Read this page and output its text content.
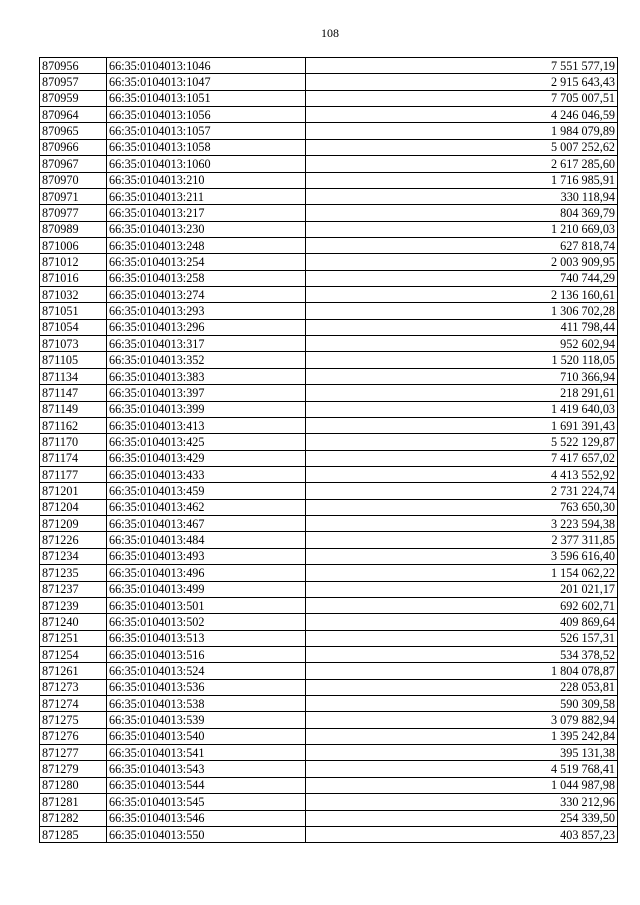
108
870956	66:35:0104013:1046	7 551 577,19
870957	66:35:0104013:1047	2 915 643,43
870959	66:35:0104013:1051	7 705 007,51
870964	66:35:0104013:1056	4 246 046,59
870965	66:35:0104013:1057	1 984 079,89
870966	66:35:0104013:1058	5 007 252,62
870967	66:35:0104013:1060	2 617 285,60
870970	66:35:0104013:210	1 716 985,91
870971	66:35:0104013:211	330 118,94
870977	66:35:0104013:217	804 369,79
870989	66:35:0104013:230	1 210 669,03
871006	66:35:0104013:248	627 818,74
871012	66:35:0104013:254	2 003 909,95
871016	66:35:0104013:258	740 744,29
871032	66:35:0104013:274	2 136 160,61
871051	66:35:0104013:293	1 306 702,28
871054	66:35:0104013:296	411 798,44
871073	66:35:0104013:317	952 602,94
871105	66:35:0104013:352	1 520 118,05
871134	66:35:0104013:383	710 366,94
871147	66:35:0104013:397	218 291,61
871149	66:35:0104013:399	1 419 640,03
871162	66:35:0104013:413	1 691 391,43
871170	66:35:0104013:425	5 522 129,87
871174	66:35:0104013:429	7 417 657,02
871177	66:35:0104013:433	4 413 552,92
871201	66:35:0104013:459	2 731 224,74
871204	66:35:0104013:462	763 650,30
871209	66:35:0104013:467	3 223 594,38
871226	66:35:0104013:484	2 377 311,85
871234	66:35:0104013:493	3 596 616,40
871235	66:35:0104013:496	1 154 062,22
871237	66:35:0104013:499	201 021,17
871239	66:35:0104013:501	692 602,71
871240	66:35:0104013:502	409 869,64
871251	66:35:0104013:513	526 157,31
871254	66:35:0104013:516	534 378,52
871261	66:35:0104013:524	1 804 078,87
871273	66:35:0104013:536	228 053,81
871274	66:35:0104013:538	590 309,58
871275	66:35:0104013:539	3 079 882,94
871276	66:35:0104013:540	1 395 242,84
871277	66:35:0104013:541	395 131,38
871279	66:35:0104013:543	4 519 768,41
871280	66:35:0104013:544	1 044 987,98
871281	66:35:0104013:545	330 212,96
871282	66:35:0104013:546	254 339,50
871285	66:35:0104013:550	403 857,23
